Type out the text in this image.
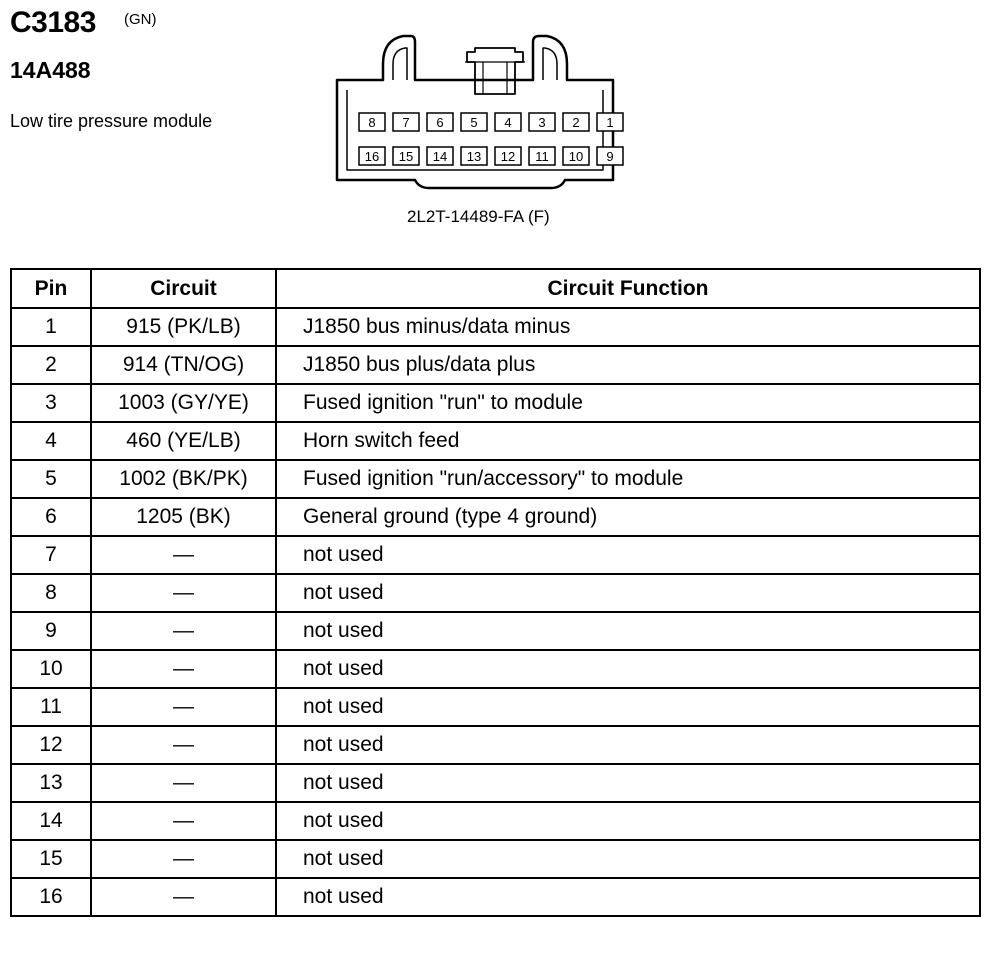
C3183 (GN)
14A488
Low tire pressure module	8 7 6 5 4 3 2 1
16 15 14 13 12 11 10 9
2L2T-14489-FA (F)
Pin	Circuit	Circuit Function
1	915 (PK/LB)	J1850 bus minus/data minus
2	914 (TN/OG)	J1850 bus plus/data plus
3	1003 (GY/YE)	Fused ignition "run" to module
4	460 (YE/LB)	Horn switch feed
5	1002 (BK/PK)	Fused ignition "run/accessory" to module
6	1205 (BK)	General ground (type 4 ground)
7	—	not used
8	—	not used
9	—	not used
10	—	not used
11	—	not used
12	—	not used
13	—	not used
14	—	not used
15	—	not used
16	—	not used
